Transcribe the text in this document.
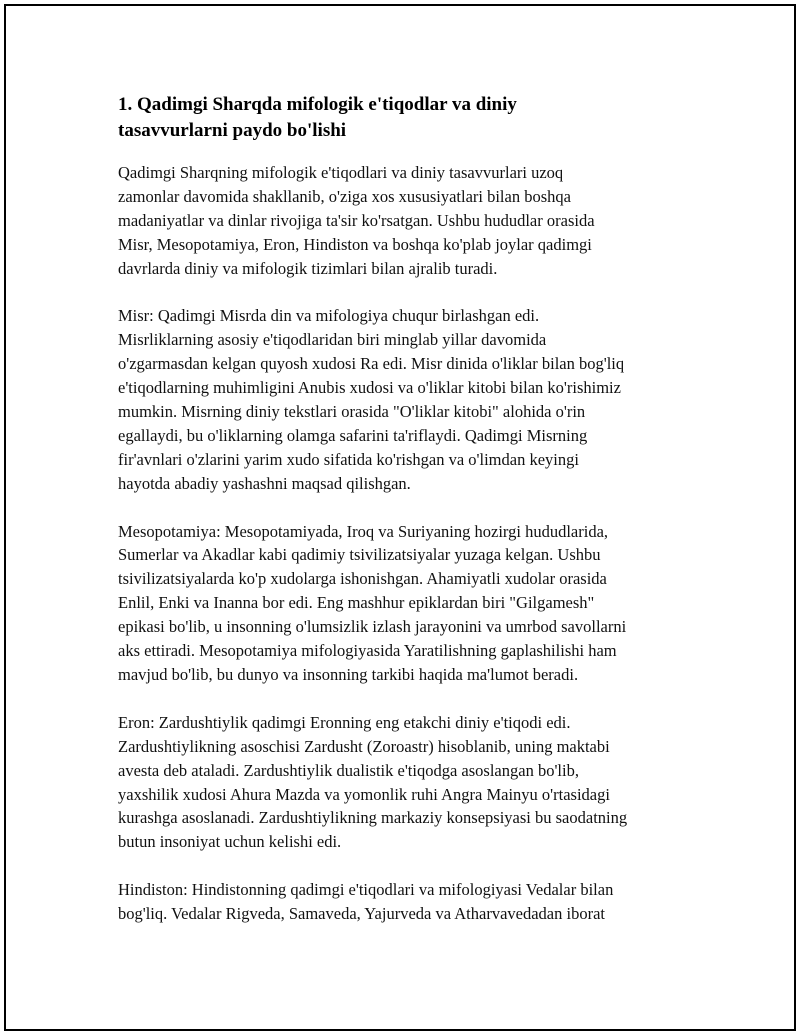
1. Qadimgi Sharqda mifologik e'tiqodlar va diniy
tasavvurlarni paydo bo'lishi

Qadimgi Sharqning mifologik e'tiqodlari va diniy tasavvurlari uzoq
zamonlar davomida shakllanib, o'ziga xos xususiyatlari bilan boshqa
madaniyatlar va dinlar rivojiga ta'sir ko'rsatgan. Ushbu hududlar orasida
Misr, Mesopotamiya, Eron, Hindiston va boshqa ko'plab joylar qadimgi
davrlarda diniy va mifologik tizimlari bilan ajralib turadi.

Misr: Qadimgi Misrda din va mifologiya chuqur birlashgan edi.
Misrliklarning asosiy e'tiqodlaridan biri minglab yillar davomida
o'zgarmasdan kelgan quyosh xudosi Ra edi. Misr dinida o'liklar bilan bog'liq
e'tiqodlarning muhimligini Anubis xudosi va o'liklar kitobi bilan ko'rishimiz
mumkin. Misrning diniy tekstlari orasida "O'liklar kitobi" alohida o'rin
egallaydi, bu o'liklarning olamga safarini ta'riflaydi. Qadimgi Misrning
fir'avnlari o'zlarini yarim xudo sifatida ko'rishgan va o'limdan keyingi
hayotda abadiy yashashni maqsad qilishgan.

Mesopotamiya: Mesopotamiyada, Iroq va Suriyaning hozirgi hududlarida,
Sumerlar va Akadlar kabi qadimiy tsivilizatsiyalar yuzaga kelgan. Ushbu
tsivilizatsiyalarda ko'p xudolarga ishonishgan. Ahamiyatli xudolar orasida
Enlil, Enki va Inanna bor edi. Eng mashhur epiklardan biri "Gilgamesh"
epikasi bo'lib, u insonning o'lumsizlik izlash jarayonini va umrbod savollarni
aks ettiradi. Mesopotamiya mifologiyasida Yaratilishning gaplashilishi ham
mavjud bo'lib, bu dunyo va insonning tarkibi haqida ma'lumot beradi.

Eron: Zardushtiylik qadimgi Eronning eng etakchi diniy e'tiqodi edi.
Zardushtiylikning asoschisi Zardusht (Zoroastr) hisoblanib, uning maktabi
avesta deb ataladi. Zardushtiylik dualistik e'tiqodga asoslangan bo'lib,
yaxshilik xudosi Ahura Mazda va yomonlik ruhi Angra Mainyu o'rtasidagi
kurashga asoslanadi. Zardushtiylikning markaziy konsepsiyasi bu saodatning
butun insoniyat uchun kelishi edi.

Hindiston: Hindistonning qadimgi e'tiqodlari va mifologiyasi Vedalar bilan
bog'liq. Vedalar Rigveda, Samaveda, Yajurveda va Atharvavedadan iborat
